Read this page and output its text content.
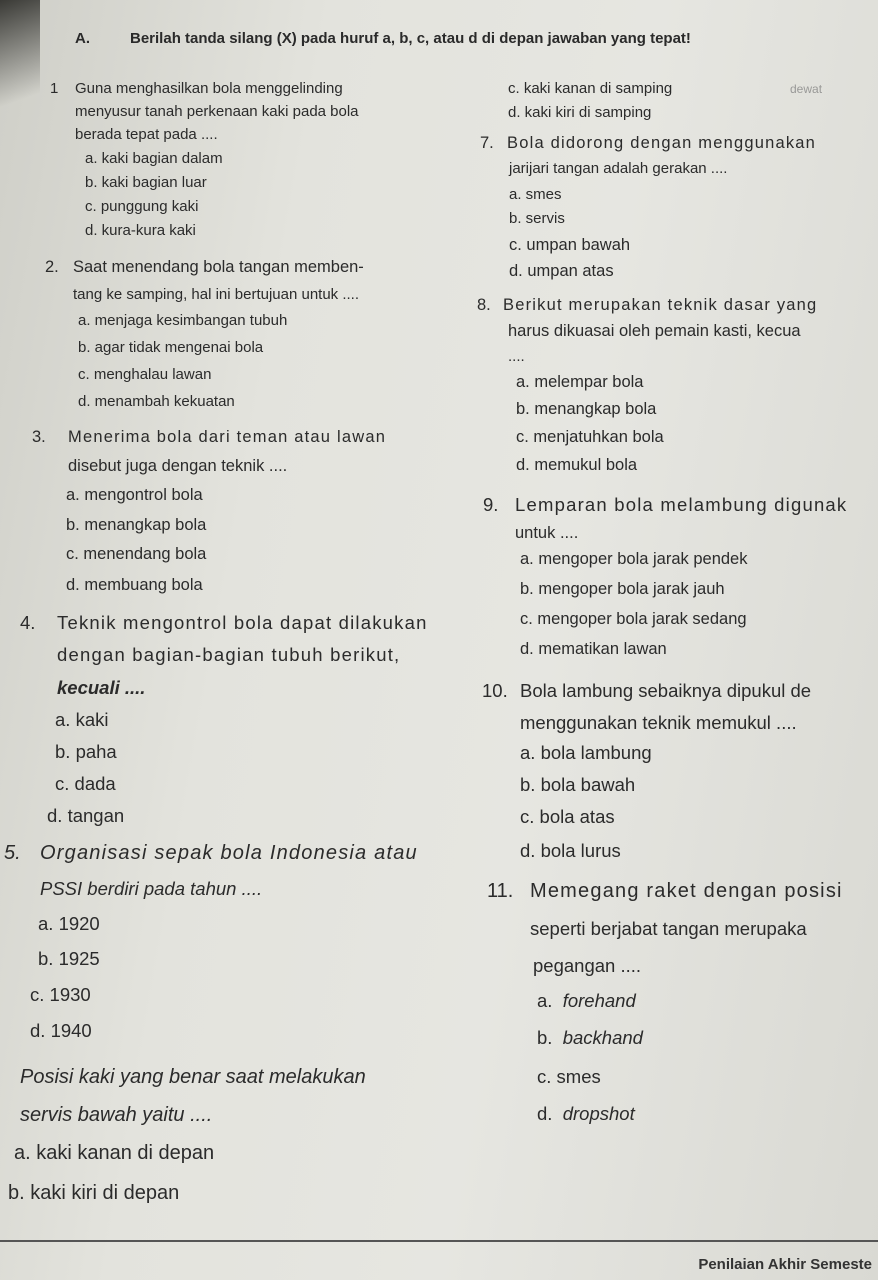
A.	Berilah tanda silang (X) pada huruf a, b, c, atau d di depan jawaban yang tepat!
1 Guna menghasilkan bola menggelinding
menyusur tanah perkenaan kaki pada bola
berada tepat pada ....
a. kaki bagian dalam
b. kaki bagian luar
c. punggung kaki
d. kura-kura kaki
2. Saat menendang bola tangan memben-
tang ke samping, hal ini bertujuan untuk ....
a. menjaga kesimbangan tubuh
b. agar tidak mengenai bola
c. menghalau lawan
d. menambah kekuatan
3. Menerima bola dari teman atau lawan
disebut juga dengan teknik ....
a. mengontrol bola
b. menangkap bola
c. menendang bola
d. membuang bola
4. Teknik mengontrol bola dapat dilakukan
dengan bagian-bagian tubuh berikut,
kecuali ....
a. kaki
b. paha
c. dada
d. tangan
5. Organisasi sepak bola Indonesia atau
PSSI berdiri pada tahun ....
a. 1920
b. 1925
c. 1930
d. 1940
Posisi kaki yang benar saat melakukan
servis bawah yaitu ....
a. kaki kanan di depan
b. kaki kiri di depan
c. kaki kanan di samping
d. kaki kiri di samping
dewat
7. Bola didorong dengan menggunakan
jarijari tangan adalah gerakan ....
a. smes
b. servis
c. umpan bawah
d. umpan atas
8. Berikut merupakan teknik dasar yang
harus dikuasai oleh pemain kasti, kecua
....
a. melempar bola
b. menangkap bola
c. menjatuhkan bola
d. memukul bola
9. Lemparan bola melambung digunak
untuk ....
a. mengoper bola jarak pendek
b. mengoper bola jarak jauh
c. mengoper bola jarak sedang
d. mematikan lawan
10. Bola lambung sebaiknya dipukul de
menggunakan teknik memukul ....
a. bola lambung
b. bola bawah
c. bola atas
d. bola lurus
11. Memegang raket dengan posisi
seperti berjabat tangan merupaka
pegangan ....
a. forehand
b. backhand
c. smes
d. dropshot
Penilaian Akhir Semeste
